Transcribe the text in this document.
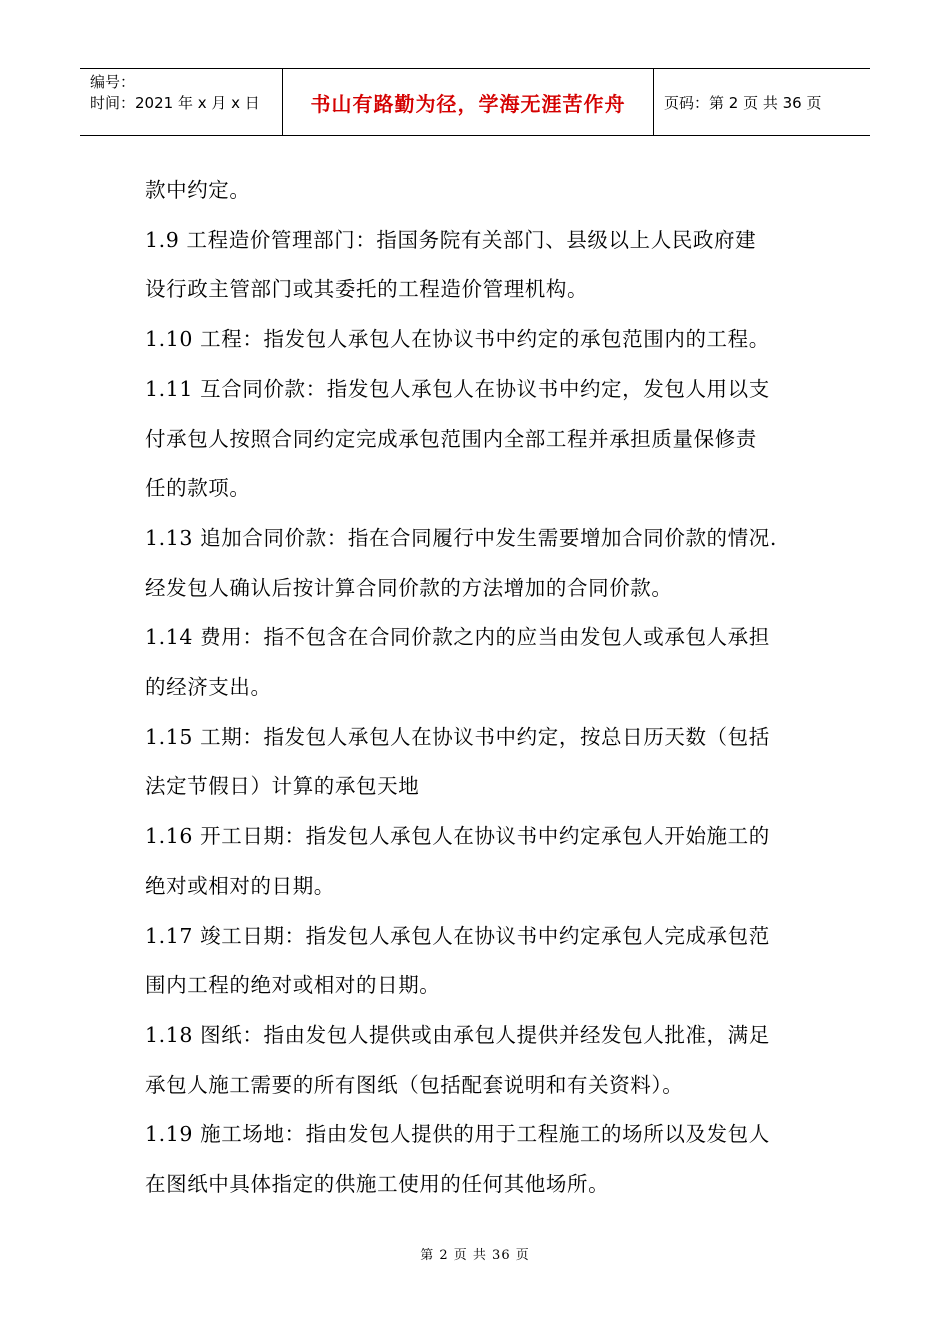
编号：
时间：2021 年 x 月 x 日	书山有路勤为径，学海无涯苦作舟	页码：第 2 页 共 36 页
款中约定。
1.9 工程造价管理部门：指国务院有关部门、县级以上人民政府建
设行政主管部门或其委托的工程造价管理机构。
1.10 工程：指发包人承包人在协议书中约定的承包范围内的工程。
1.11 互合同价款：指发包人承包人在协议书中约定，发包人用以支
付承包人按照合同约定完成承包范围内全部工程并承担质量保修责
任的款项。
1.13 追加合同价款：指在合同履行中发生需要增加合同价款的情况.
经发包人确认后按计算合同价款的方法增加的合同价款。
1.14 费用：指不包含在合同价款之内的应当由发包人或承包人承担
的经济支出。
1.15 工期：指发包人承包人在协议书中约定，按总日历天数（包括
法定节假日）计算的承包天地
1.16 开工日期：指发包人承包人在协议书中约定承包人开始施工的
绝对或相对的日期。
1.17 竣工日期：指发包人承包人在协议书中约定承包人完成承包范
围内工程的绝对或相对的日期。
1.18 图纸：指由发包人提供或由承包人提供并经发包人批准，满足
承包人施工需要的所有图纸（包括配套说明和有关资料）。
1.19 施工场地：指由发包人提供的用于工程施工的场所以及发包人
在图纸中具体指定的供施工使用的任何其他场所。
第 2 页 共 36 页
